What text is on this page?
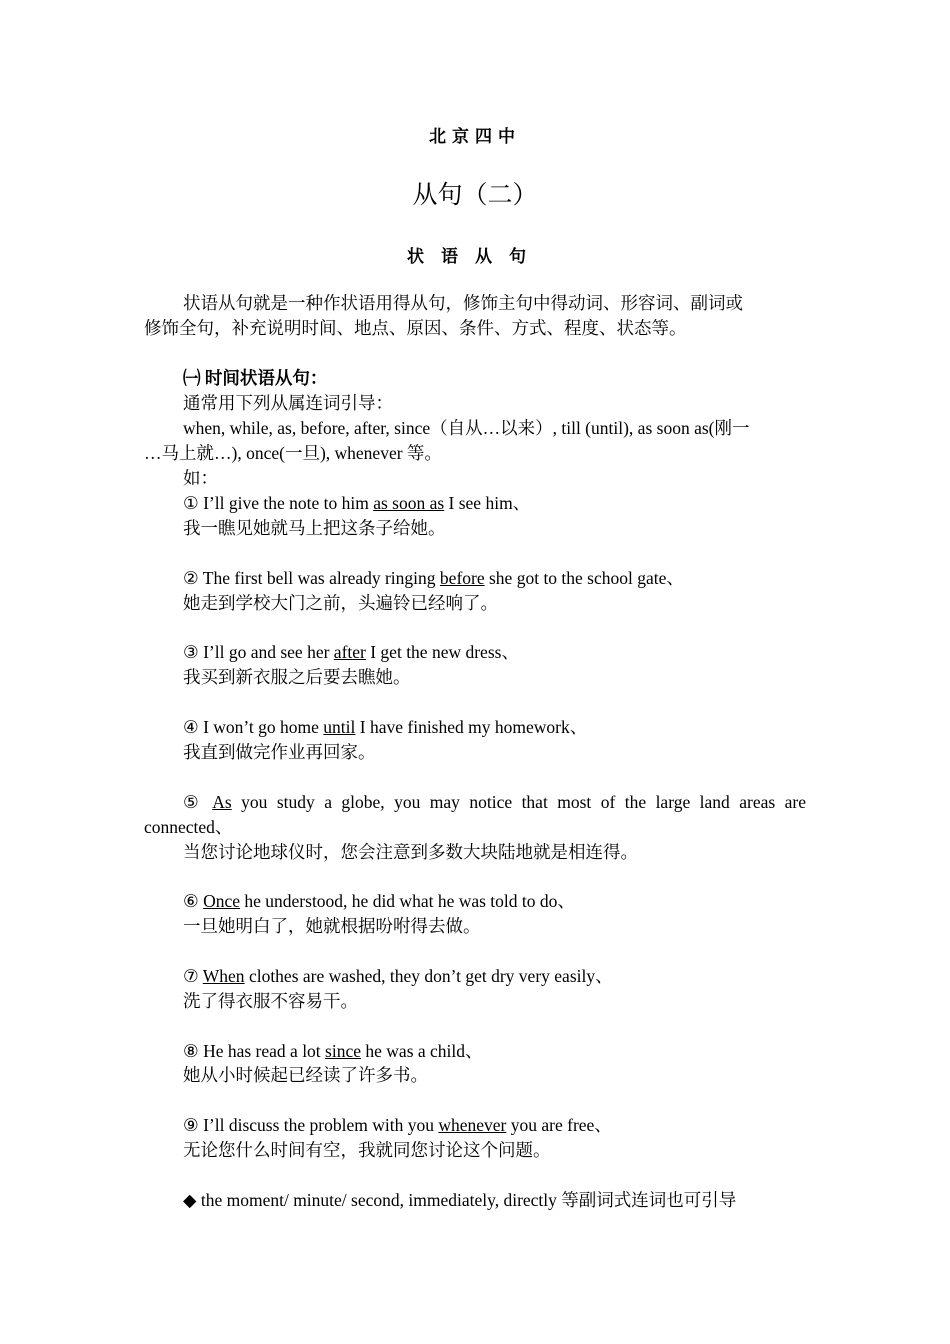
北京四中
从句（二）
状语从句
状语从句就是一种作状语用得从句，修饰主句中得动词、形容词、副词或
修饰全句，补充说明时间、地点、原因、条件、方式、程度、状态等。
㈠ 时间状语从句：
通常用下列从属连词引导：
when, while, as, before, after, since（自从…以来）, till (until), as soon as(刚一
…马上就…), once(一旦), whenever 等。
如：
① I’ll give the note to him as soon as I see him、
我一瞧见她就马上把这条子给她。
② The first bell was already ringing before she got to the school gate、
她走到学校大门之前，头遍铃已经响了。
③ I’ll go and see her after I get the new dress、
我买到新衣服之后要去瞧她。
④ I won’t go home until I have finished my homework、
我直到做完作业再回家。
⑤ As you study a globe, you may notice that most of the large land areas are
connected、
当您讨论地球仪时，您会注意到多数大块陆地就是相连得。
⑥ Once he understood, he did what he was told to do、
一旦她明白了，她就根据吩咐得去做。
⑦ When clothes are washed, they don’t get dry very easily、
洗了得衣服不容易干。
⑧ He has read a lot since he was a child、
她从小时候起已经读了许多书。
⑨ I’ll discuss the problem with you whenever you are free、
无论您什么时间有空，我就同您讨论这个问题。
◆ the moment/ minute/ second, immediately, directly 等副词式连词也可引导
